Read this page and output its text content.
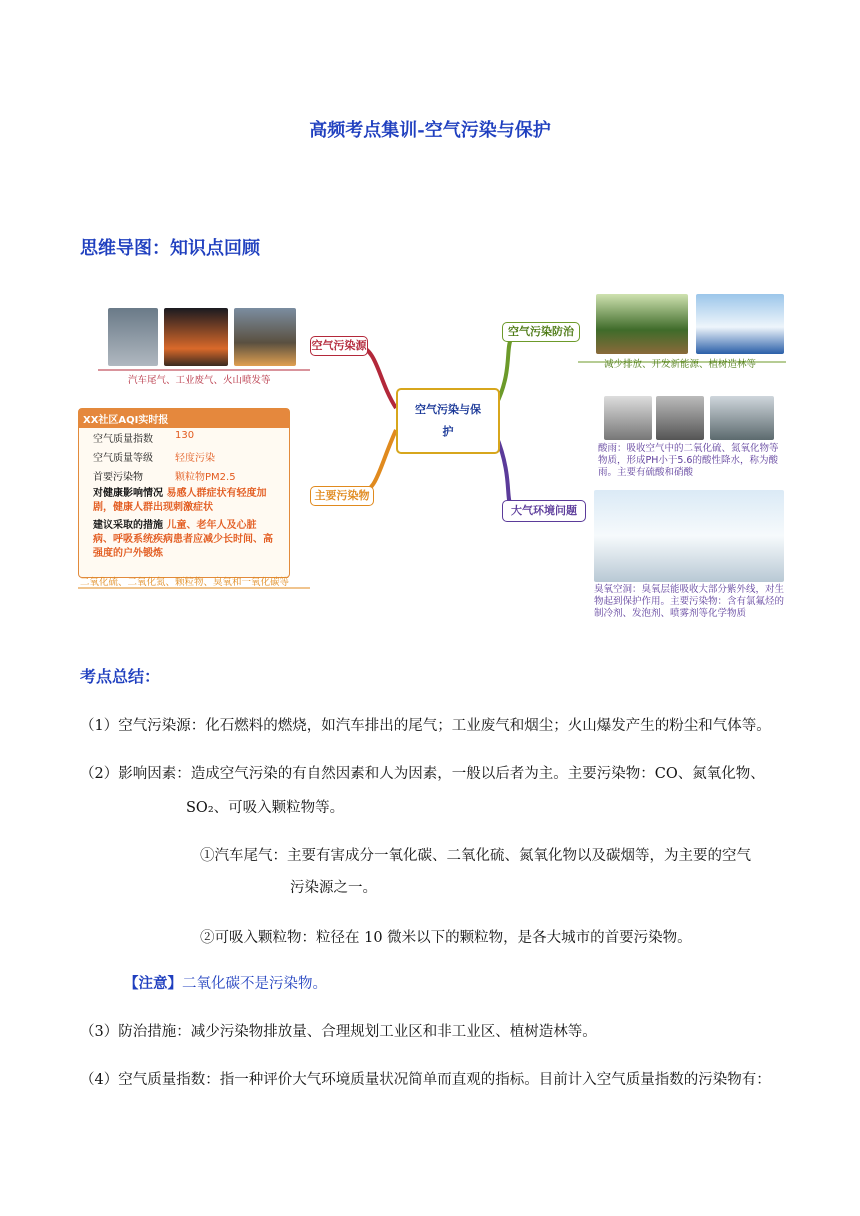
高频考点集训-空气污染与保护
思维导图：知识点回顾
汽车尾气、工业废气、火山喷发等
空气污染源
空气污染与保护
XX社区AQI实时报
空气质量指数	130
空气质量等级	轻度污染
首要污染物	颗粒物PM2.5
对健康影响情况 易感人群症状有轻度加剧，健康人群出现刺激症状
建议采取的措施 儿童、老年人及心脏病、呼吸系统疾病患者应减少长时间、高强度的户外锻炼
二氧化硫、二氧化氮、颗粒物、臭氧和一氧化碳等
主要污染物
空气污染防治
减少排放、开发新能源、植树造林等
大气环境问题
酸雨：吸收空气中的二氧化硫、氮氧化物等物质，形成PH小于5.6的酸性降水，称为酸雨。主要有硫酸和硝酸
臭氧空洞：臭氧层能吸收大部分紫外线，对生物起到保护作用。主要污染物：含有氯氟烃的制冷剂、发泡剂、喷雾剂等化学物质
考点总结：
（1）空气污染源：化石燃料的燃烧，如汽车排出的尾气；工业废气和烟尘；火山爆发产生的粉尘和气体等。
（2）影响因素：造成空气污染的有自然因素和人为因素，一般以后者为主。主要污染物：CO、氮氧化物、
SO₂、可吸入颗粒物等。
①汽车尾气：主要有害成分一氧化碳、二氧化硫、氮氧化物以及碳烟等，为主要的空气
污染源之一。
②可吸入颗粒物：粒径在 10 微米以下的颗粒物，是各大城市的首要污染物。
【注意】二氧化碳不是污染物。
（3）防治措施：减少污染物排放量、合理规划工业区和非工业区、植树造林等。
（4）空气质量指数：指一种评价大气环境质量状况简单而直观的指标。目前计入空气质量指数的污染物有：
